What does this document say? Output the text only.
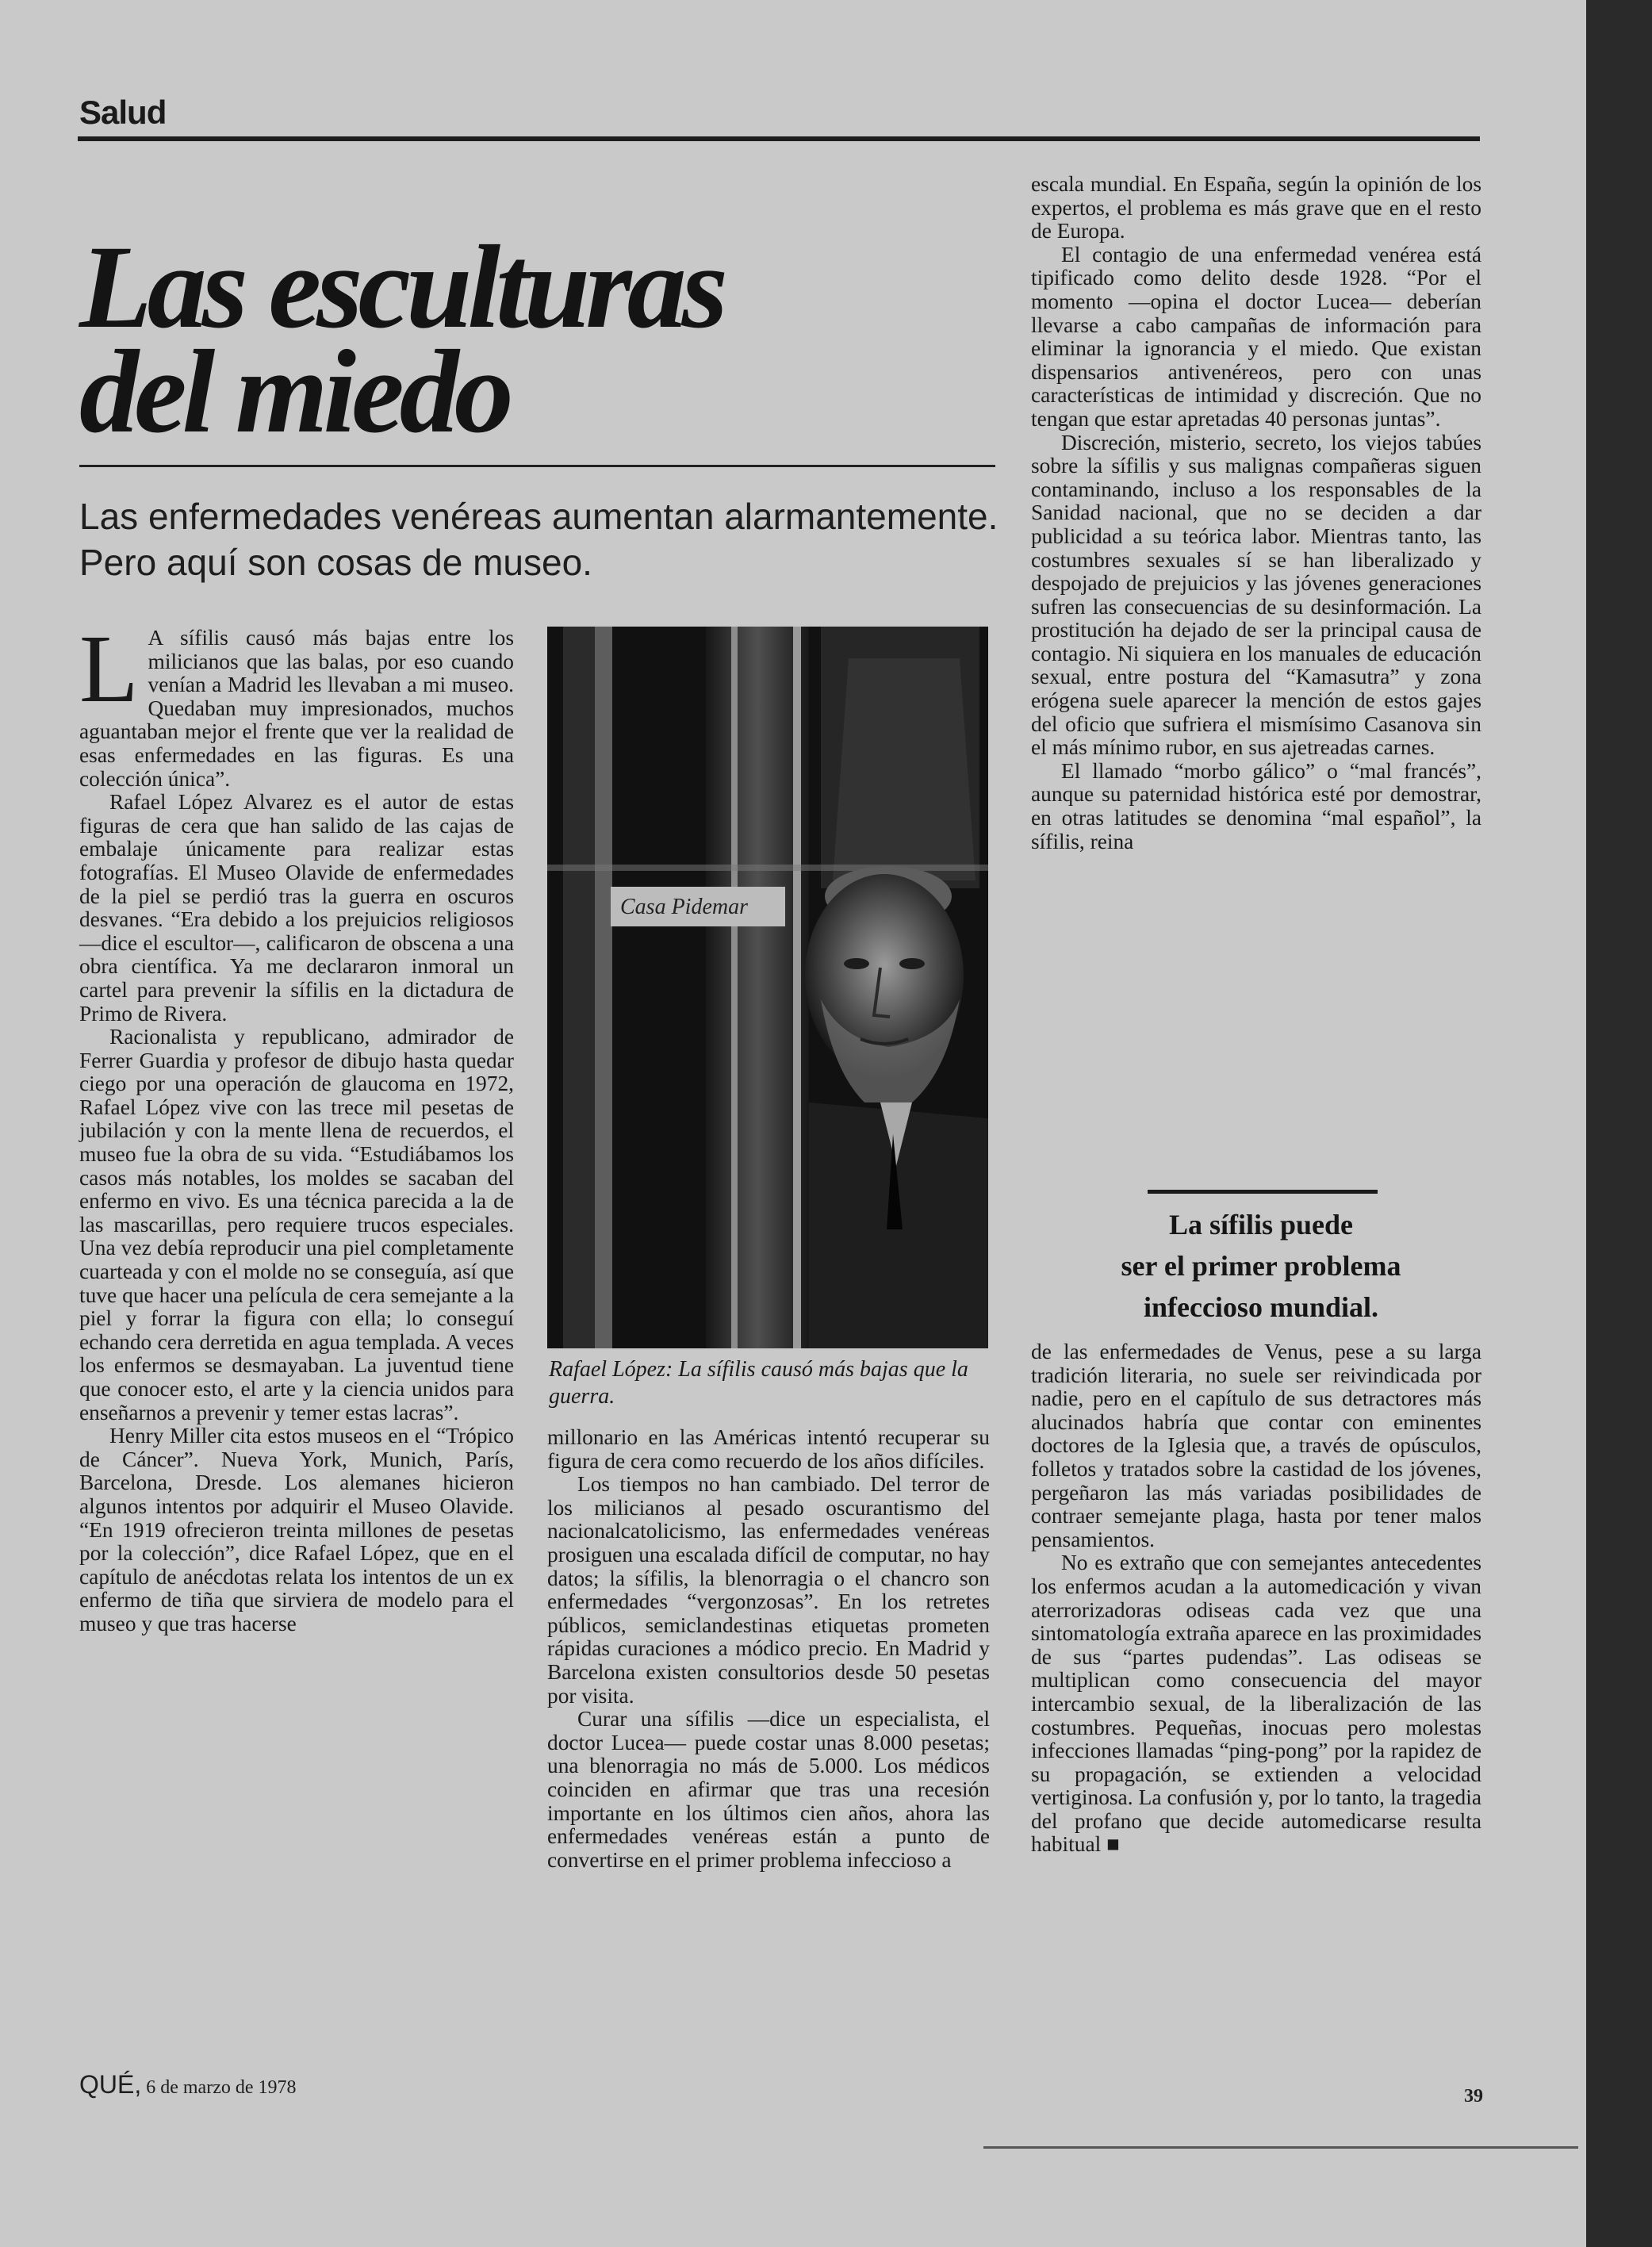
Salud
Las esculturas
del miedo
Las enfermedades venéreas aumentan alarmantemente. Pero aquí son cosas de museo.

L A sífilis causó más bajas entre los milicianos que las balas, por eso cuando venían a Madrid les llevaban a mi museo. Quedaban muy impresionados, muchos aguantaban mejor el frente que ver la realidad de esas enfermedades en las figuras. Es una colección única”.

Rafael López Alvarez es el autor de estas figuras de cera que han salido de las cajas de embalaje únicamente para realizar estas fotografías. El Museo Olavide de enfermedades de la piel se perdió tras la guerra en oscuros desvanes. “Era debido a los prejuicios religiosos —dice el escultor—, calificaron de obscena a una obra científica. Ya me declararon inmoral un cartel para prevenir la sífilis en la dictadura de Primo de Rivera.

Racionalista y republicano, admirador de Ferrer Guardia y profesor de dibujo hasta quedar ciego por una operación de glaucoma en 1972, Rafael López vive con las trece mil pesetas de jubilación y con la mente llena de recuerdos, el museo fue la obra de su vida. “Estudiábamos los casos más notables, los moldes se sacaban del enfermo en vivo. Es una técnica parecida a la de las mascarillas, pero requiere trucos especiales. Una vez debía reproducir una piel completamente cuarteada y con el molde no se conseguía, así que tuve que hacer una película de cera semejante a la piel y forrar la figura con ella; lo conseguí echando cera derretida en agua templada. A veces los enfermos se desmayaban. La juventud tiene que conocer esto, el arte y la ciencia unidos para enseñarnos a prevenir y temer estas lacras”.

Henry Miller cita estos museos en el “Trópico de Cáncer”. Nueva York, Munich, París, Barcelona, Dresde. Los alemanes hicieron algunos intentos por adquirir el Museo Olavide. “En 1919 ofrecieron treinta millones de pesetas por la colección”, dice Rafael López, que en el capítulo de anécdotas relata los intentos de un ex enfermo de tiña que sirviera de modelo para el museo y que tras hacerse

Casa Pidemar
Rafael López: La sífilis causó más bajas que la guerra.

millonario en las Américas intentó recuperar su figura de cera como recuerdo de los años difíciles.

Los tiempos no han cambiado. Del terror de los milicianos al pesado oscurantismo del nacionalcatolicismo, las enfermedades venéreas prosiguen una escalada difícil de computar, no hay datos; la sífilis, la blenorragia o el chancro son enfermedades “vergonzosas”. En los retretes públicos, semiclandestinas etiquetas prometen rápidas curaciones a módico precio. En Madrid y Barcelona existen consultorios desde 50 pesetas por visita.

Curar una sífilis —dice un especialista, el doctor Lucea— puede costar unas 8.000 pesetas; una blenorragia no más de 5.000. Los médicos coinciden en afirmar que tras una recesión importante en los últimos cien años, ahora las enfermedades venéreas están a punto de convertirse en el primer problema infeccioso a

escala mundial. En España, según la opinión de los expertos, el problema es más grave que en el resto de Europa.

El contagio de una enfermedad venérea está tipificado como delito desde 1928. “Por el momento —opina el doctor Lucea— deberían llevarse a cabo campañas de información para eliminar la ignorancia y el miedo. Que existan dispensarios antivenéreos, pero con unas características de intimidad y discreción. Que no tengan que estar apretadas 40 personas juntas”.

Discreción, misterio, secreto, los viejos tabúes sobre la sífilis y sus malignas compañeras siguen contaminando, incluso a los responsables de la Sanidad nacional, que no se deciden a dar publicidad a su teórica labor. Mientras tanto, las costumbres sexuales sí se han liberalizado y despojado de prejuicios y las jóvenes generaciones sufren las consecuencias de su desinformación. La prostitución ha dejado de ser la principal causa de contagio. Ni siquiera en los manuales de educación sexual, entre postura del “Kamasutra” y zona erógena suele aparecer la mención de estos gajes del oficio que sufriera el mismísimo Casanova sin el más mínimo rubor, en sus ajetreadas carnes.

El llamado “morbo gálico” o “mal francés”, aunque su paternidad histórica esté por demostrar, en otras latitudes se denomina “mal español”, la sífilis, reina

La sífilis puede
ser el primer problema
infeccioso mundial.

de las enfermedades de Venus, pese a su larga tradición literaria, no suele ser reivindicada por nadie, pero en el capítulo de sus detractores más alucinados habría que contar con eminentes doctores de la Iglesia que, a través de opúsculos, folletos y tratados sobre la castidad de los jóvenes, pergeñaron las más variadas posibilidades de contraer semejante plaga, hasta por tener malos pensamientos.

No es extraño que con semejantes antecedentes los enfermos acudan a la automedicación y vivan aterrorizadoras odiseas cada vez que una sintomatología extraña aparece en las proximidades de sus “partes pudendas”. Las odiseas se multiplican como consecuencia del mayor intercambio sexual, de la liberalización de las costumbres. Pequeñas, inocuas pero molestas infecciones llamadas “ping-pong” por la rapidez de su propagación, se extienden a velocidad vertiginosa. La confusión y, por lo tanto, la tragedia del profano que decide automedicarse resulta habitual ■

QUÉ, 6 de marzo de 1978	39
